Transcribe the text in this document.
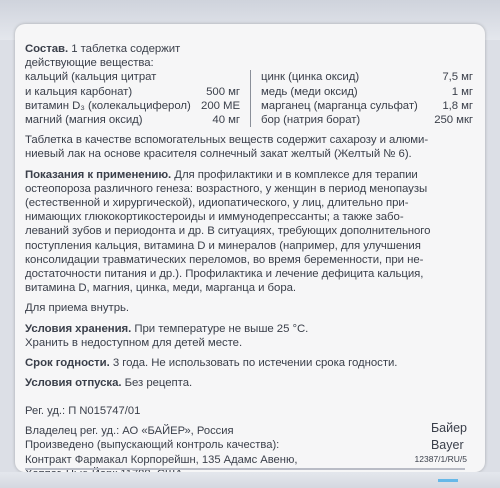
Состав. 1 таблетка содержит
действующие вещества:
кальций (кальция цитрат
и кальция карбонат)	500 мг
витамин D₃ (колекальциферол) 200 МЕ
магний (магния оксид)	40 мг
цинк (цинка оксид)	7,5 мг
медь (меди оксид)	1 мг
марганец (марганца сульфат) 1,8 мг
бор (натрия борат)	250 мкг
Таблетка в качестве вспомогательных веществ содержит сахарозу и алюми-
ниевый лак на основе красителя солнечный закат желтый (Желтый № 6).
Показания к применению. Для профилактики и в комплексе для терапии
остеопороза различного генеза: возрастного, у женщин в период менопаузы
(естественной и хирургической), идиопатического, у лиц, длительно при-
нимающих глюкокортикостероиды и иммунодепрессанты; а также забо-
леваний зубов и периодонта и др. В ситуациях, требующих дополнительного
поступления кальция, витамина D и минералов (например, для улучшения
консолидации травматических переломов, во время беременности, при не-
достаточности питания и др.). Профилактика и лечение дефицита кальция,
витамина D, магния, цинка, меди, марганца и бора.
Для приема внутрь.
Условия хранения. При температуре не выше 25 °С.
Хранить в недоступном для детей месте.
Срок годности. 3 года. Не использовать по истечении срока годности.
Условия отпуска. Без рецепта.
Рег. уд.: П N015747/01
Владелец рег. уд.: АО «БАЙЕР», Россия
Произведено (выпускающий контроль качества):
Контракт Фармакал Корпорейшн, 135 Адамс Авеню,
Байер
Bayer
12387/1/RU/5
